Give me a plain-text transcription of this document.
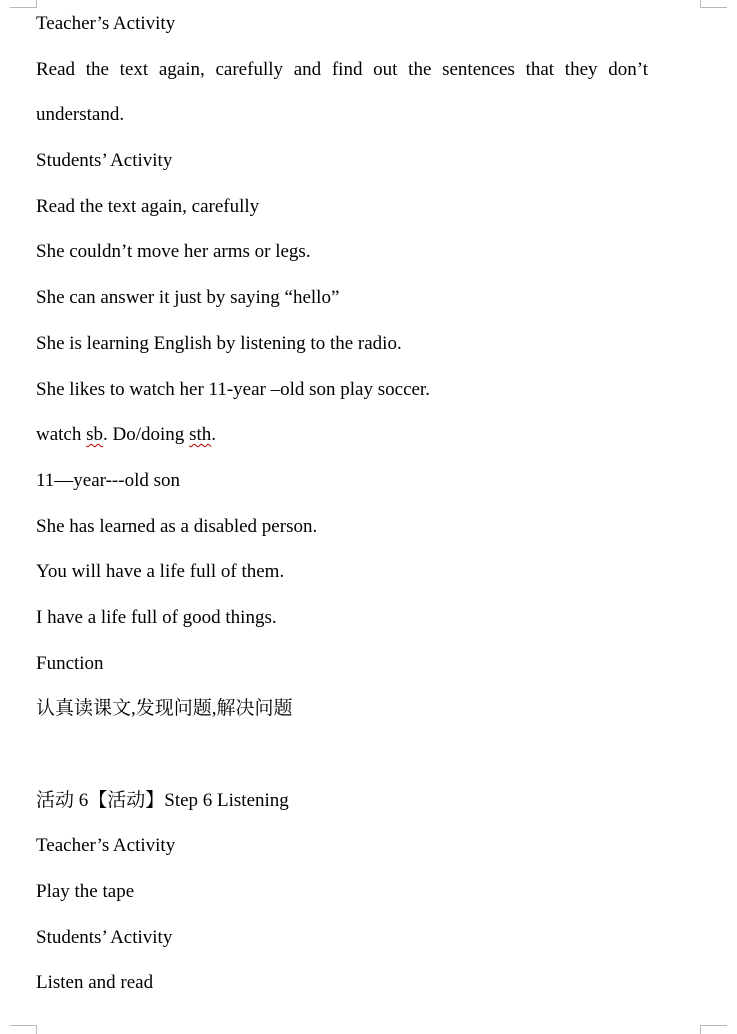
Teacher’s Activity
Read the text again, carefully and find out the sentences that they don’t
understand.
Students’ Activity
Read the text again, carefully
She couldn’t move her arms or legs.
She can answer it just by saying “hello”
She is learning English by listening to the radio.
She likes to watch her 11-year –old son play soccer.
watch sb. Do/doing sth.
11—year---old son
She has learned as a disabled person.
You will have a life full of them.
I have a life full of good things.
Function
认真读课文,发现问题,解决问题
活动 6【活动】Step 6 Listening
Teacher’s Activity
Play the tape
Students’ Activity
Listen and read
